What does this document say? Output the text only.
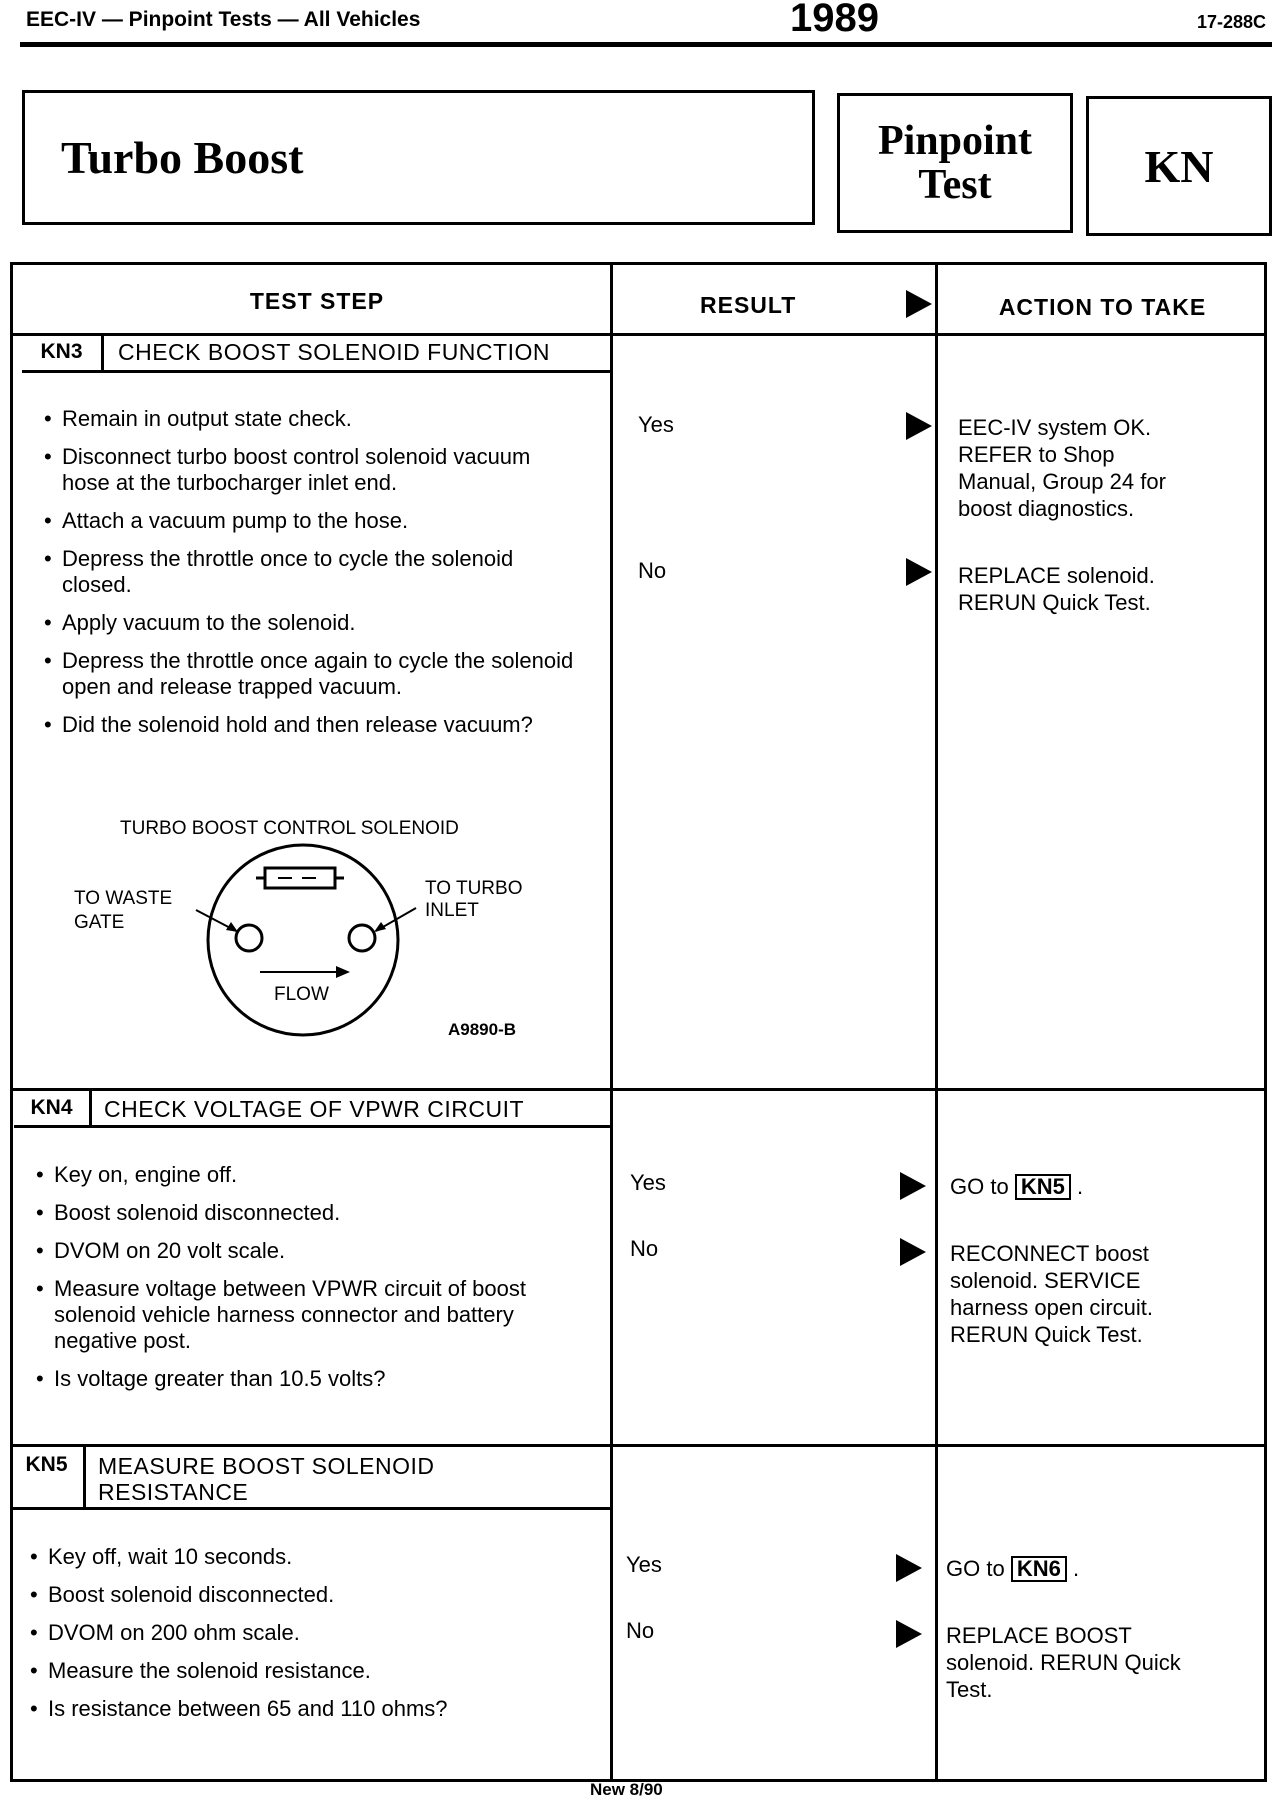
EEC-IV — Pinpoint Tests — All Vehicles	1989	17-288C
Turbo Boost	Pinpoint
Test	KN
TEST STEP	RESULT	ACTION TO TAKE
KN3	CHECK BOOST SOLENOID FUNCTION
• Remain in output state check.
• Disconnect turbo boost control solenoid vacuum hose at the turbocharger inlet end.
• Attach a vacuum pump to the hose.
• Depress the throttle once to cycle the solenoid closed.
• Apply vacuum to the solenoid.
• Depress the throttle once again to cycle the solenoid open and release trapped vacuum.
• Did the solenoid hold and then release vacuum?
TURBO BOOST CONTROL SOLENOID
TO WASTE
GATE
TO TURBO
INLET
FLOW
A9890-B
Yes	EEC-IV system OK.
REFER to Shop
Manual, Group 24 for
boost diagnostics.
No	REPLACE solenoid.
RERUN Quick Test.
KN4	CHECK VOLTAGE OF VPWR CIRCUIT
• Key on, engine off.
• Boost solenoid disconnected.
• DVOM on 20 volt scale.
• Measure voltage between VPWR circuit of boost solenoid vehicle harness connector and battery negative post.
• Is voltage greater than 10.5 volts?
Yes	GO to KN5 .
No	RECONNECT boost
solenoid. SERVICE
harness open circuit.
RERUN Quick Test.
KN5	MEASURE BOOST SOLENOID RESISTANCE
• Key off, wait 10 seconds.
• Boost solenoid disconnected.
• DVOM on 200 ohm scale.
• Measure the solenoid resistance.
• Is resistance between 65 and 110 ohms?
Yes	GO to KN6 .
No	REPLACE BOOST
solenoid. RERUN Quick
Test.
New 8/90
